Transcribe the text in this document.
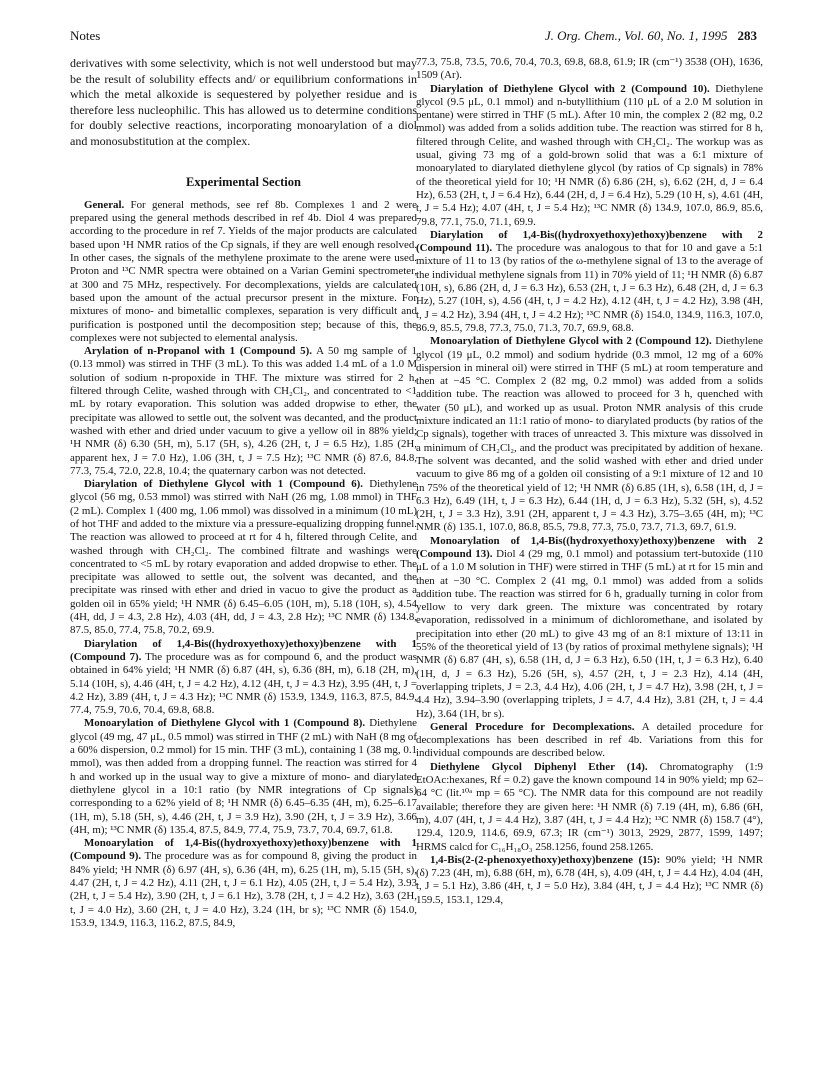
Notes	J. Org. Chem., Vol. 60, No. 1, 1995 283

derivatives with some selectivity, which is not well understood but may be the result of solubility effects and/ or equilibrium conformations in which the metal alkoxide is sequestered by polyether residue and is therefore less nucleophilic. This has allowed us to determine conditions for doubly selective reactions, incorporating monoarylation of a diol and monosubstitution at the complex.

Experimental Section

General. For general methods, see ref 8b. Complexes 1 and 2 were prepared using the general methods described in ref 4b. Diol 4 was prepared according to the procedure in ref 7. Yields of the major products are calculated based upon ¹H NMR ratios of the Cp signals, if they are well enough resolved. In other cases, the signals of the methylene proximate to the arene were used. Proton and ¹³C NMR spectra were obtained on a Varian Gemini spectrometer, at 300 and 75 MHz, respectively. For decomplexations, yields are calculated based upon the amount of the actual precursor present in the mixture. For mixtures of mono- and bimetallic complexes, separation is very difficult and purification is postponed until the decomposition step; because of this, the complexes were not subjected to elemental analysis.

Arylation of n-Propanol with 1 (Compound 5). A 50 mg sample of 1 (0.13 mmol) was stirred in THF (3 mL). To this was added 1.4 mL of a 1.0 M solution of sodium n-propoxide in THF. The mixture was stirred for 2 h, filtered through Celite, washed through with CH₂Cl₂, and concentrated to <1 mL by rotary evaporation. This solution was added dropwise to ether, the precipitate was allowed to settle out, the solvent was decanted, and the product washed with ether and dried under vacuum to give a yellow oil in 88% yield; ¹H NMR (δ) 6.30 (5H, m), 5.17 (5H, s), 4.26 (2H, t, J = 6.5 Hz), 1.85 (2H, apparent hex, J = 7.0 Hz), 1.06 (3H, t, J = 7.5 Hz); ¹³C NMR (δ) 87.6, 84.8, 77.3, 75.4, 72.0, 22.8, 10.4; the quaternary carbon was not detected.

Diarylation of Diethylene Glycol with 1 (Compound 6). Diethylene glycol (56 mg, 0.53 mmol) was stirred with NaH (26 mg, 1.08 mmol) in THF (2 mL). Complex 1 (400 mg, 1.06 mmol) was dissolved in a minimum (10 mL) of hot THF and added to the mixture via a pressure-equalizing dropping funnel. The reaction was allowed to proceed at rt for 4 h, filtered through Celite, and washed through with CH₂Cl₂. The combined filtrate and washings were concentrated to <5 mL by rotary evaporation and added dropwise to ether. The precipitate was allowed to settle out, the solvent was decanted, and the precipitate was rinsed with ether and dried in vacuo to give the product as a golden oil in 65% yield; ¹H NMR (δ) 6.45–6.05 (10H, m), 5.18 (10H, s), 4.54 (4H, dd, J = 4.3, 2.8 Hz), 4.03 (4H, dd, J = 4.3, 2.8 Hz); ¹³C NMR (δ) 134.8, 87.5, 85.0, 77.4, 75.8, 70.2, 69.9.

Diarylation of 1,4-Bis((hydroxyethoxy)ethoxy)benzene with 1 (Compound 7). The procedure was as for compound 6, and the product was obtained in 64% yield; ¹H NMR (δ) 6.87 (4H, s), 6.36 (8H, m), 6.18 (2H, m), 5.14 (10H, s), 4.46 (4H, t, J = 4.2 Hz), 4.12 (4H, t, J = 4.3 Hz), 3.95 (4H, t, J = 4.2 Hz), 3.89 (4H, t, J = 4.3 Hz); ¹³C NMR (δ) 153.9, 134.9, 116.3, 87.5, 84.9, 77.4, 75.9, 70.6, 70.4, 69.8, 68.8.

Monoarylation of Diethylene Glycol with 1 (Compound 8). Diethylene glycol (49 mg, 47 μL, 0.5 mmol) was stirred in THF (2 mL) with NaH (8 mg of a 60% dispersion, 0.2 mmol) for 15 min. THF (3 mL), containing 1 (38 mg, 0.1 mmol), was then added from a dropping funnel. The reaction was stirred for 4 h and worked up in the usual way to give a mixture of mono- and diarylated diethylene glycol in a 10:1 ratio (by NMR integrations of Cp signals) corresponding to a 62% yield of 8; ¹H NMR (δ) 6.45–6.35 (4H, m), 6.25–6.17 (1H, m), 5.18 (5H, s), 4.46 (2H, t, J = 3.9 Hz), 3.90 (2H, t, J = 3.9 Hz), 3.66 (4H, m); ¹³C NMR (δ) 135.4, 87.5, 84.9, 77.4, 75.9, 73.7, 70.4, 69.7, 61.8.

Monoarylation of 1,4-Bis((hydroxyethoxy)ethoxy)benzene with 1 (Compound 9). The procedure was as for compound 8, giving the product in 84% yield; ¹H NMR (δ) 6.97 (4H, s), 6.36 (4H, m), 6.25 (1H, m), 5.15 (5H, s), 4.47 (2H, t, J = 4.2 Hz), 4.11 (2H, t, J = 6.1 Hz), 4.05 (2H, t, J = 5.4 Hz), 3.93 (2H, t, J = 5.4 Hz), 3.90 (2H, t, J = 6.1 Hz), 3.78 (2H, t, J = 4.2 Hz), 3.63 (2H, t, J = 4.0 Hz), 3.60 (2H, t, J = 4.0 Hz), 3.24 (1H, br s); ¹³C NMR (δ) 154.0, 153.9, 134.9, 116.3, 116.2, 87.5, 84.9,

77.3, 75.8, 73.5, 70.6, 70.4, 70.3, 69.8, 68.8, 61.9; IR (cm⁻¹) 3538 (OH), 1636, 1509 (Ar).

Diarylation of Diethylene Glycol with 2 (Compound 10). Diethylene glycol (9.5 μL, 0.1 mmol) and n-butyllithium (110 μL of a 2.0 M solution in pentane) were stirred in THF (5 mL). After 10 min, the complex 2 (82 mg, 0.2 mmol) was added from a solids addition tube. The reaction was stirred for 8 h, filtered through Celite, and washed through with CH₂Cl₂. The workup was as usual, giving 73 mg of a gold-brown solid that was a 6:1 mixture of monoarylated to diarylated diethylene glycol (by ratios of Cp signals) in 78% of the theoretical yield for 10; ¹H NMR (δ) 6.86 (2H, s), 6.62 (2H, d, J = 6.4 Hz), 6.53 (2H, t, J = 6.4 Hz), 6.44 (2H, d, J = 6.4 Hz), 5.29 (10 H, s), 4.61 (4H, t, J = 5.4 Hz); 4.07 (4H, t, J = 5.4 Hz); ¹³C NMR (δ) 134.9, 107.0, 86.9, 85.6, 79.8, 77.1, 75.0, 71.1, 69.9.

Diarylation of 1,4-Bis((hydroxyethoxy)ethoxy)benzene with 2 (Compound 11). The procedure was analogous to that for 10 and gave a 5:1 mixture of 11 to 13 (by ratios of the ω-methylene signal of 13 to the average of the individual methylene signals from 11) in 70% yield of 11; ¹H NMR (δ) 6.87 (10H, s), 6.86 (2H, d, J = 6.3 Hz), 6.53 (2H, t, J = 6.3 Hz), 6.48 (2H, d, J = 6.3 Hz), 5.27 (10H, s), 4.56 (4H, t, J = 4.2 Hz), 4.12 (4H, t, J = 4.2 Hz), 3.98 (4H, t, J = 4.2 Hz), 3.94 (4H, t, J = 4.2 Hz); ¹³C NMR (δ) 154.0, 134.9, 116.3, 107.0, 86.9, 85.5, 79.8, 77.3, 75.0, 71.3, 70.7, 69.9, 68.8.

Monoarylation of Diethylene Glycol with 2 (Compound 12). Diethylene glycol (19 μL, 0.2 mmol) and sodium hydride (0.3 mmol, 12 mg of a 60% dispersion in mineral oil) were stirred in THF (5 mL) at room temperature and then at −45 °C. Complex 2 (82 mg, 0.2 mmol) was added from a solids addition tube. The reaction was allowed to proceed for 3 h, quenched with water (50 μL), and worked up as usual. Proton NMR analysis of this crude mixture indicated an 11:1 ratio of mono- to diarylated products (by ratios of the Cp signals), together with traces of unreacted 3. This mixture was dissolved in a minimum of CH₂Cl₂, and the product was precipitated by addition of hexane. The solvent was decanted, and the solid washed with ether and dried under vacuum to give 86 mg of a golden oil consisting of a 9:1 mixture of 12 and 10 in 75% of the theoretical yield of 12; ¹H NMR (δ) 6.85 (1H, s), 6.58 (1H, d, J = 6.3 Hz), 6.49 (1H, t, J = 6.3 Hz), 6.44 (1H, d, J = 6.3 Hz), 5.32 (5H, s), 4.52 (2H, t, J = 3.3 Hz), 3.91 (2H, apparent t, J = 4.3 Hz), 3.75–3.65 (4H, m); ¹³C NMR (δ) 135.1, 107.0, 86.8, 85.5, 79.8, 77.3, 75.0, 73.7, 71.3, 69.7, 61.9.

Monoarylation of 1,4-Bis((hydroxyethoxy)ethoxy)benzene with 2 (Compound 13). Diol 4 (29 mg, 0.1 mmol) and potassium tert-butoxide (110 μL of a 1.0 M solution in THF) were stirred in THF (5 mL) at rt for 15 min and then at −30 °C. Complex 2 (41 mg, 0.1 mmol) was added from a solids addition tube. The reaction was stirred for 6 h, gradually turning in color from yellow to very dark green. The mixture was concentrated by rotary evaporation, redissolved in a minimum of dichloromethane, and isolated by precipitation into ether (20 mL) to give 43 mg of an 8:1 mixture of 13:11 in 55% of the theoretical yield of 13 (by ratios of proximal methylene signals); ¹H NMR (δ) 6.87 (4H, s), 6.58 (1H, d, J = 6.3 Hz), 6.50 (1H, t, J = 6.3 Hz), 6.40 (1H, d, J = 6.3 Hz), 5.26 (5H, s), 4.57 (2H, t, J = 2.3 Hz), 4.14 (4H, overlapping triplets, J = 2.3, 4.4 Hz), 4.06 (2H, t, J = 4.7 Hz), 3.98 (2H, t, J = 4.4 Hz), 3.94–3.90 (overlapping triplets, J = 4.7, 4.4 Hz), 3.81 (2H, t, J = 4.4 Hz), 3.64 (1H, br s).

General Procedure for Decomplexations. A detailed procedure for decomplexations has been described in ref 4b. Variations from this for individual compounds are described below.

Diethylene Glycol Diphenyl Ether (14). Chromatography (1:9 EtOAc:hexanes, Rf = 0.2) gave the known compound 14 in 90% yield; mp 62–64 °C (lit.¹⁰ᵃ mp = 65 °C). The NMR data for this compound are not readily available; therefore they are given here: ¹H NMR (δ) 7.19 (4H, m), 6.86 (6H, m), 4.07 (4H, t, J = 4.4 Hz), 3.87 (4H, t, J = 4.4 Hz); ¹³C NMR (δ) 158.7 (4°), 129.4, 120.9, 114.6, 69.9, 67.3; IR (cm⁻¹) 3013, 2929, 2877, 1599, 1497; HRMS calcd for C₁₆H₁₈O₃ 258.1256, found 258.1265.

1,4-Bis(2-(2-phenoxyethoxy)ethoxy)benzene (15): 90% yield; ¹H NMR (δ) 7.23 (4H, m), 6.88 (6H, m), 6.78 (4H, s), 4.09 (4H, t, J = 4.4 Hz), 4.04 (4H, t, J = 5.1 Hz), 3.86 (4H, t, J = 5.0 Hz), 3.84 (4H, t, J = 4.4 Hz); ¹³C NMR (δ) 159.5, 153.1, 129.4,
